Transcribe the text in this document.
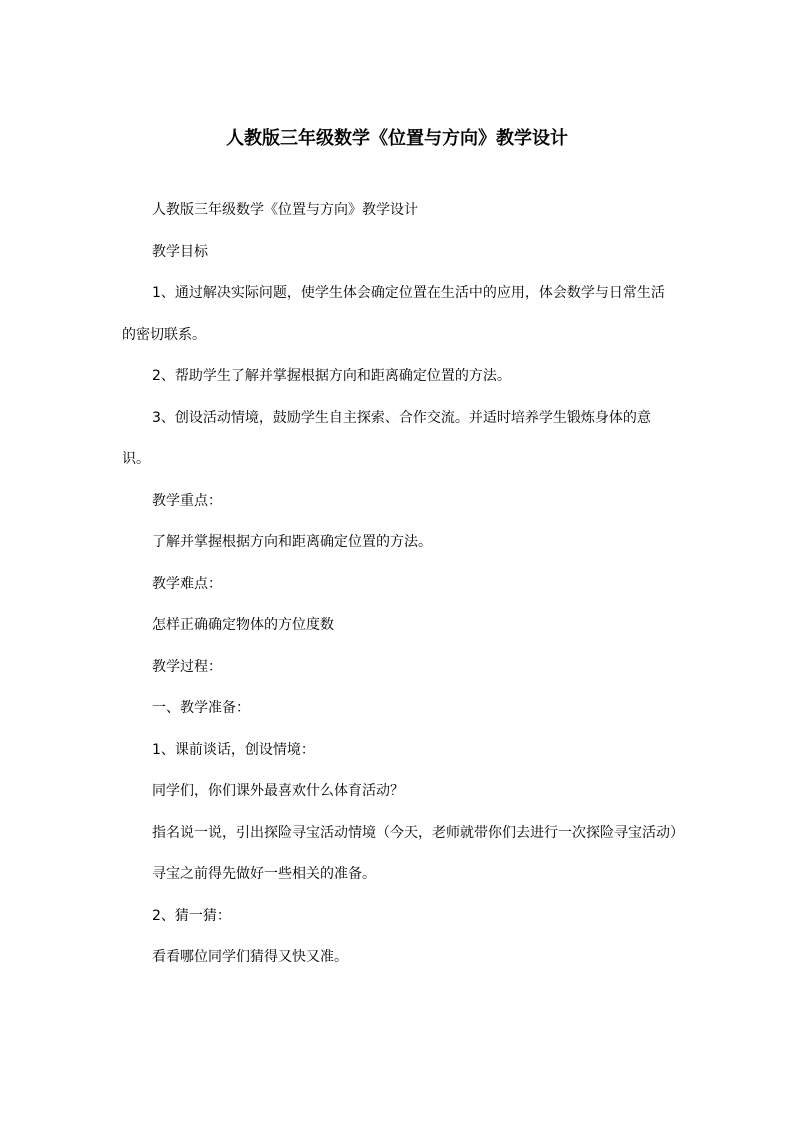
人教版三年级数学《位置与方向》教学设计

人教版三年级数学《位置与方向》教学设计

教学目标

1、通过解决实际问题，使学生体会确定位置在生活中的应用，体会数学与日常生活的密切联系。

2、帮助学生了解并掌握根据方向和距离确定位置的方法。

3、创设活动情境，鼓励学生自主探索、合作交流。并适时培养学生锻炼身体的意识。

教学重点：

了解并掌握根据方向和距离确定位置的方法。

教学难点：

怎样正确确定物体的方位度数

教学过程：

一、教学准备：

1、课前谈话，创设情境：

同学们，你们课外最喜欢什么体育活动？

指名说一说，引出探险寻宝活动情境（今天，老师就带你们去进行一次探险寻宝活动）

寻宝之前得先做好一些相关的准备。

2、猜一猜：

看看哪位同学们猜得又快又准。
